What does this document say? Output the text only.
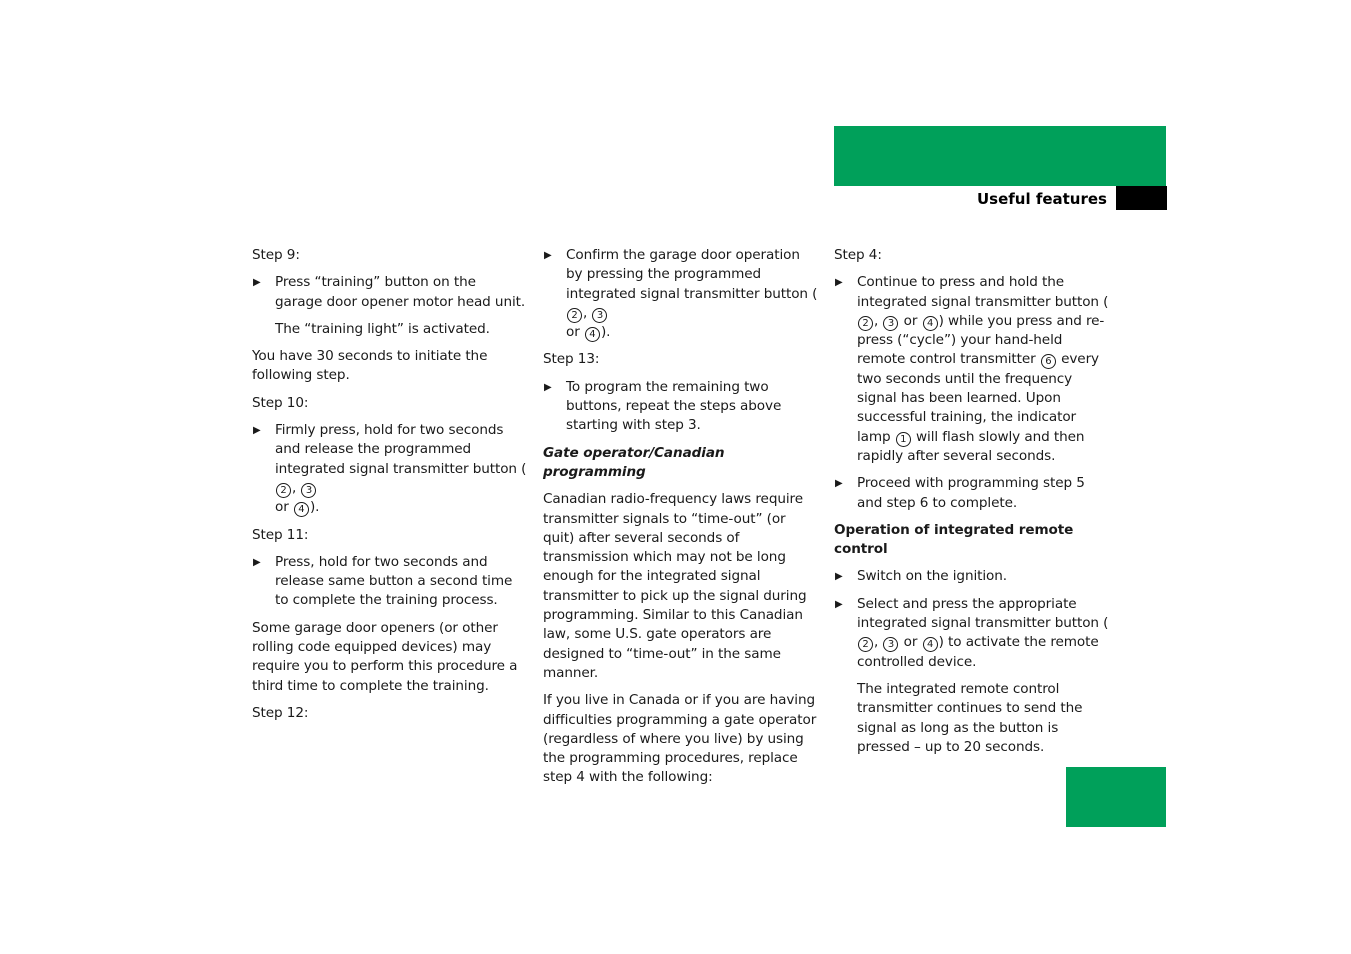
Controls in detail
Useful features

Step 9:

▶ Press “training” button on the garage door opener motor head unit.

The “training light” is activated.

You have 30 seconds to initiate the following step.

Step 10:

▶ Firmly press, hold for two seconds and release the programmed integrated signal transmitter button (2 , 3
or 4 ).

Step 11:

▶ Press, hold for two seconds and release same button a second time to complete the training process.

Some garage door openers (or other rolling code equipped devices) may require you to perform this procedure a third time to complete the training.

Step 12:

▶ Confirm the garage door operation by pressing the programmed integrated signal transmitter button (2 , 3
or 4 ).

Step 13:

▶ To program the remaining two buttons, repeat the steps above starting with step 3.

Gate operator/Canadian programming

Canadian radio-frequency laws require transmitter signals to “time-out” (or quit) after several seconds of transmission which may not be long enough for the integrated signal transmitter to pick up the signal during programming. Similar to this Canadian law, some U.S. gate operators are designed to “time-out” in the same manner.

If you live in Canada or if you are having difficulties programming a gate operator (regardless of where you live) by using the programming procedures, replace step 4 with the following:

Step 4:

▶ Continue to press and hold the integrated signal transmitter button (2 , 3 or 4 ) while you press and re-press (“cycle”) your hand-held remote control transmitter 6 every two seconds until the frequency signal has been learned. Upon successful training, the indicator lamp 1 will flash slowly and then rapidly after several seconds.
▶ Proceed with programming step 5 and step 6 to complete.

Operation of integrated remote control

▶ Switch on the ignition.
▶ Select and press the appropriate integrated signal transmitter button (2 , 3 or 4 ) to activate the remote controlled device.

The integrated remote control transmitter continues to send the signal as long as the button is pressed – up to 20 seconds.

273
